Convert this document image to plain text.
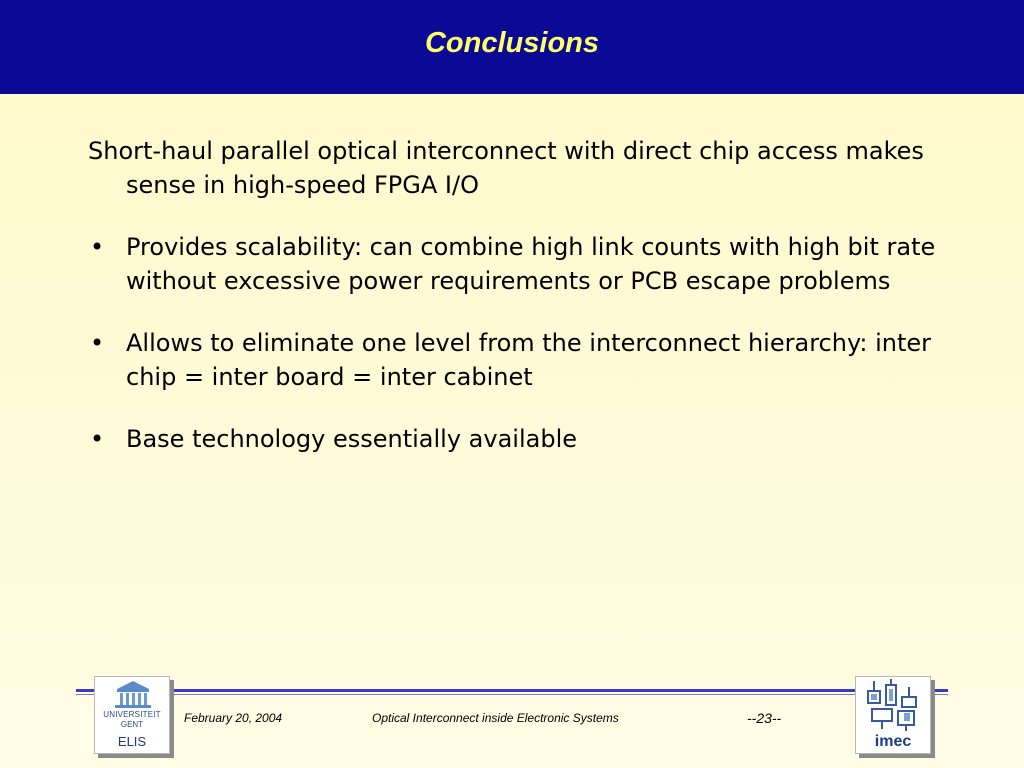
Conclusions

Short-haul parallel optical interconnect with direct chip access makes sense in high-speed FPGA I/O

• Provides scalability: can combine high link counts with high bit rate without excessive power requirements or PCB escape problems
• Allows to eliminate one level from the interconnect hierarchy: inter chip = inter board = inter cabinet
• Base technology essentially available
UNIVERSITEIT
GENT
ELIS
February 20, 2004	Optical Interconnect inside Electronic Systems	--23--
imec
